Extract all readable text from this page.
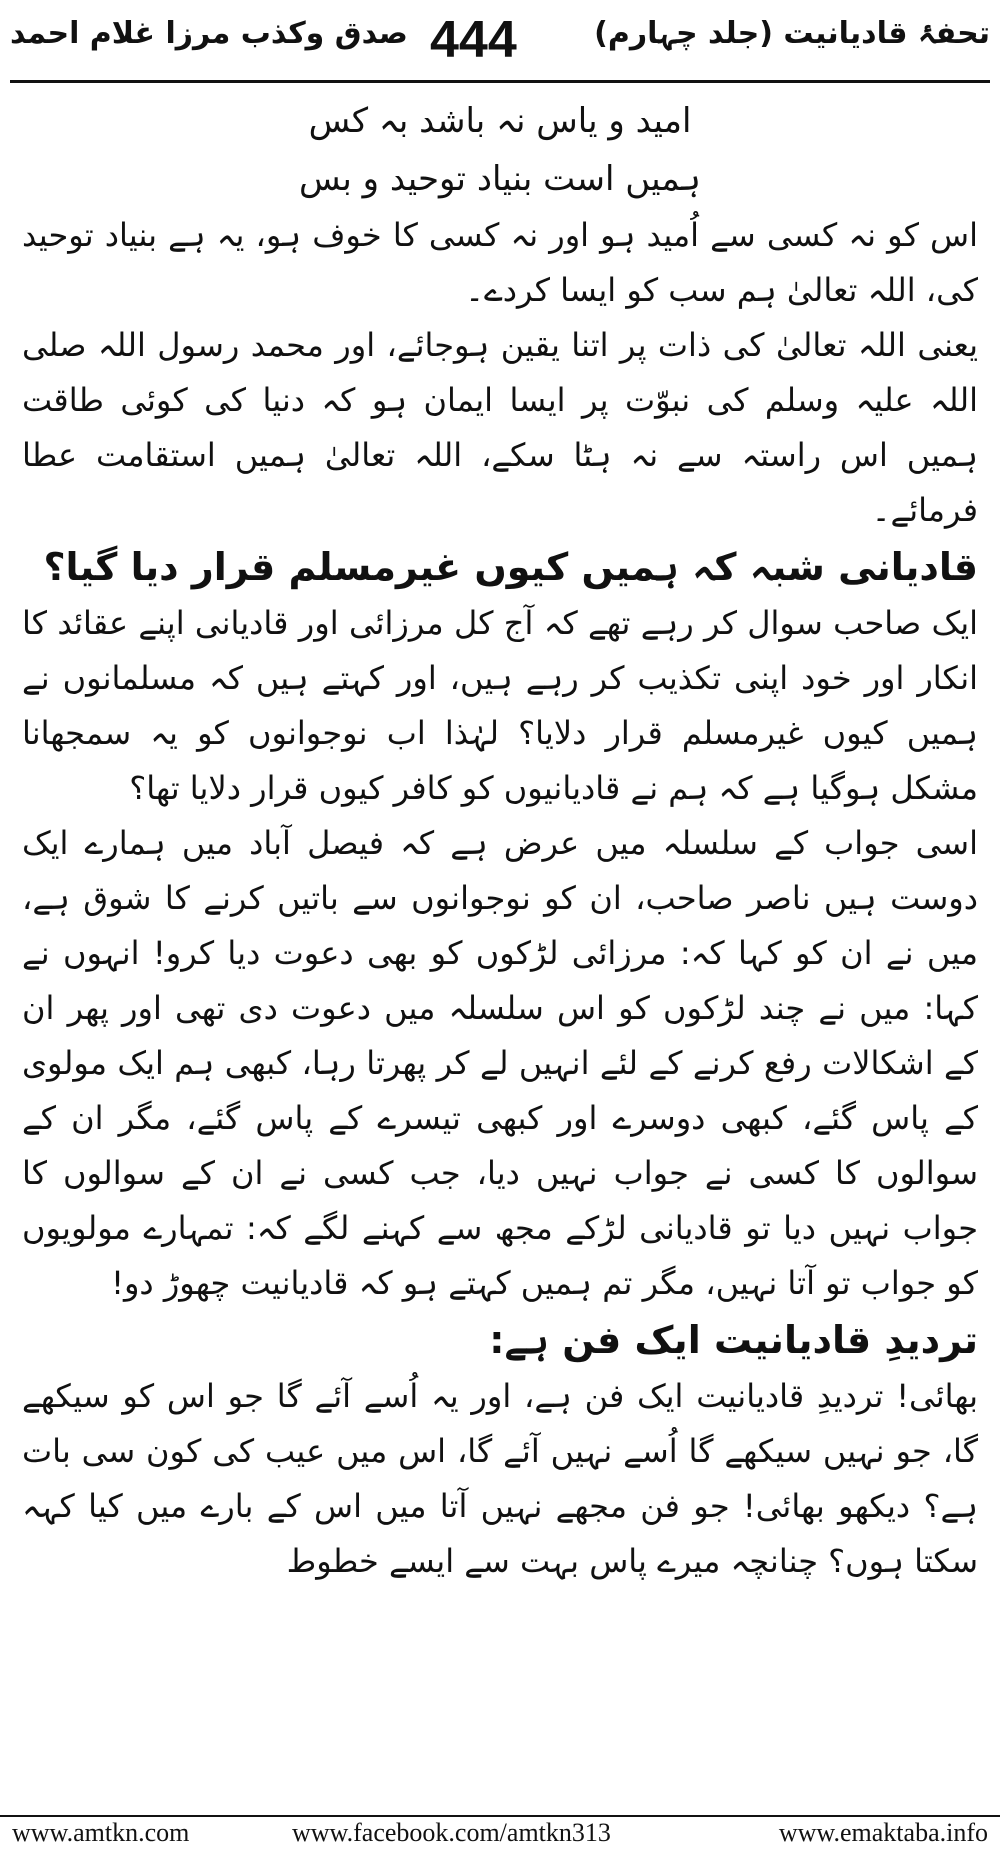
تحفۂ قادیانیت (جلد چہارم)
444
صدق وکذب مرزا غلام احمد

امید و یاس نہ باشد بہ کس

ہمیں است بنیاد توحید و بس

اس کو نہ کسی سے اُمید ہو اور نہ کسی کا خوف ہو، یہ ہے بنیاد توحید کی، اللہ تعالیٰ ہم سب کو ایسا کردے۔

یعنی اللہ تعالیٰ کی ذات پر اتنا یقین ہوجائے، اور محمد رسول اللہ صلی اللہ علیہ وسلم کی نبوّت پر ایسا ایمان ہو کہ دنیا کی کوئی طاقت ہمیں اس راستہ سے نہ ہٹا سکے، اللہ تعالیٰ ہمیں استقامت عطا فرمائے۔

قادیانی شبہ کہ ہمیں کیوں غیرمسلم قرار دیا گیا؟

ایک صاحب سوال کر رہے تھے کہ آج کل مرزائی اور قادیانی اپنے عقائد کا انکار اور خود اپنی تکذیب کر رہے ہیں، اور کہتے ہیں کہ مسلمانوں نے ہمیں کیوں غیرمسلم قرار دلایا؟ لہٰذا اب نوجوانوں کو یہ سمجھانا مشکل ہوگیا ہے کہ ہم نے قادیانیوں کو کافر کیوں قرار دلایا تھا؟

اسی جواب کے سلسلہ میں عرض ہے کہ فیصل آباد میں ہمارے ایک دوست ہیں ناصر صاحب، ان کو نوجوانوں سے باتیں کرنے کا شوق ہے، میں نے ان کو کہا کہ: مرزائی لڑکوں کو بھی دعوت دیا کرو! انہوں نے کہا: میں نے چند لڑکوں کو اس سلسلہ میں دعوت دی تھی اور پھر ان کے اشکالات رفع کرنے کے لئے انہیں لے کر پھرتا رہا، کبھی ہم ایک مولوی کے پاس گئے، کبھی دوسرے اور کبھی تیسرے کے پاس گئے، مگر ان کے سوالوں کا کسی نے جواب نہیں دیا، جب کسی نے ان کے سوالوں کا جواب نہیں دیا تو قادیانی لڑکے مجھ سے کہنے لگے کہ: تمہارے مولویوں کو جواب تو آتا نہیں، مگر تم ہمیں کہتے ہو کہ قادیانیت چھوڑ دو!

تردیدِ قادیانیت ایک فن ہے:

بھائی! تردیدِ قادیانیت ایک فن ہے، اور یہ اُسے آئے گا جو اس کو سیکھے گا، جو نہیں سیکھے گا اُسے نہیں آئے گا، اس میں عیب کی کون سی بات ہے؟ دیکھو بھائی! جو فن مجھے نہیں آتا میں اس کے بارے میں کیا کہہ سکتا ہوں؟ چنانچہ میرے پاس بہت سے ایسے خطوط

www.amtkn.com	www.facebook.com/amtkn313	www.emaktaba.info
